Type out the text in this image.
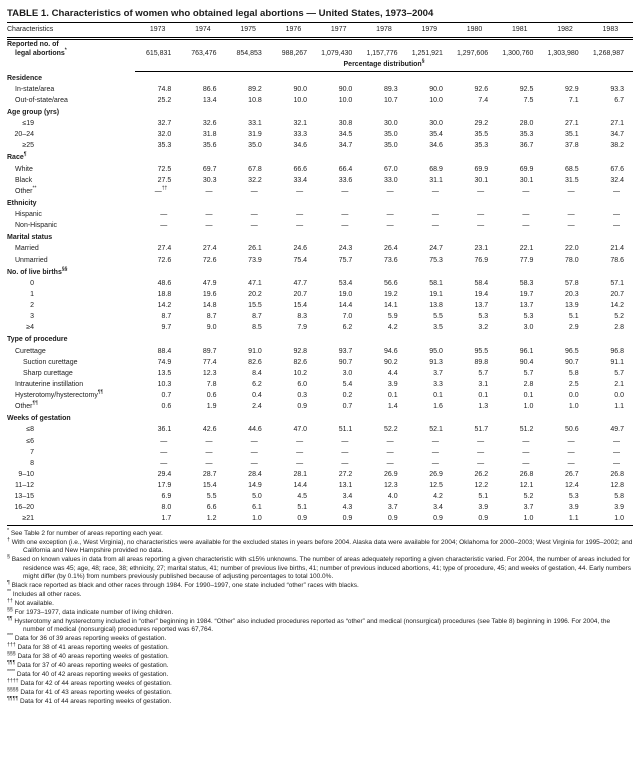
TABLE 1. Characteristics of women who obtained legal abortions — United States, 1973–2004
Characteristics	1973	1974	1975	1976	1977	1978	1979	1980	1981	1982	1983

Reported no. of
legal abortions*	615,831	763,476	854,853	988,267	1,079,430	1,157,776	1,251,921	1,297,606	1,300,760	1,303,980	1,268,987
	Percentage distribution§
Residence											
In-state/area	74.8	86.6	89.2	90.0	90.0	89.3	90.0	92.6	92.5	92.9	93.3
Out-of-state/area	25.2	13.4	10.8	10.0	10.0	10.7	10.0	7.4	7.5	7.1	6.7
Age group (yrs)											
≤19	32.7	32.6	33.1	32.1	30.8	30.0	30.0	29.2	28.0	27.1	27.1
20–24	32.0	31.8	31.9	33.3	34.5	35.0	35.4	35.5	35.3	35.1	34.7
≥25	35.3	35.6	35.0	34.6	34.7	35.0	34.6	35.3	36.7	37.8	38.2
Race¶
White	72.5	69.7	67.8	66.6	66.4	67.0	68.9	69.9	69.9	68.5	67.6
Black	27.5	30.3	32.2	33.4	33.6	33.0	31.1	30.1	30.1	31.5	32.4
Other**	—††	—	—	—	—	—	—	—	—	—	—
Ethnicity											
Hispanic	—	—	—	—	—	—	—	—	—	—	—
Non-Hispanic	—	—	—	—	—	—	—	—	—	—	—
Marital status											
Married	27.4	27.4	26.1	24.6	24.3	26.4	24.7	23.1	22.1	22.0	21.4
Unmarried	72.6	72.6	73.9	75.4	75.7	73.6	75.3	76.9	77.9	78.0	78.6
No. of live births§§
0	48.6	47.9	47.1	47.7	53.4	56.6	58.1	58.4	58.3	57.8	57.1
1	18.8	19.6	20.2	20.7	19.0	19.2	19.1	19.4	19.7	20.3	20.7
2	14.2	14.8	15.5	15.4	14.4	14.1	13.8	13.7	13.7	13.9	14.2
3	8.7	8.7	8.7	8.3	7.0	5.9	5.5	5.3	5.3	5.1	5.2
≥4	9.7	9.0	8.5	7.9	6.2	4.2	3.5	3.2	3.0	2.9	2.8
Type of procedure											
Curettage	88.4	89.7	91.0	92.8	93.7	94.6	95.0	95.5	96.1	96.5	96.8
Suction curettage	74.9	77.4	82.6	82.6	90.7	90.2	91.3	89.8	90.4	90.7	91.1
Sharp curettage	13.5	12.3	8.4	10.2	3.0	4.4	3.7	5.7	5.7	5.8	5.7
Intrauterine instillation	10.3	7.8	6.2	6.0	5.4	3.9	3.3	3.1	2.8	2.5	2.1
Hysterotomy/hysterectomy¶¶	0.7	0.6	0.4	0.3	0.2	0.1	0.1	0.1	0.1	0.0	0.0
Other¶¶	0.6	1.9	2.4	0.9	0.7	1.4	1.6	1.3	1.0	1.0	1.1
Weeks of gestation											
≤8	36.1	42.6	44.6	47.0	51.1	52.2	52.1	51.7	51.2	50.6	49.7
≤6	—	—	—	—	—	—	—	—	—	—	—
7	—	—	—	—	—	—	—	—	—	—	—
8	—	—	—	—	—	—	—	—	—	—	—
9–10	29.4	28.7	28.4	28.1	27.2	26.9	26.9	26.2	26.8	26.7	26.8
11–12	17.9	15.4	14.9	14.4	13.1	12.3	12.5	12.2	12.1	12.4	12.8
13–15	6.9	5.5	5.0	4.5	3.4	4.0	4.2	5.1	5.2	5.3	5.8
16–20	8.0	6.6	6.1	5.1	4.3	3.7	3.4	3.9	3.7	3.9	3.9
≥21	1.7	1.2	1.0	0.9	0.9	0.9	0.9	0.9	1.0	1.1	1.0
* See Table 2 for number of areas reporting each year.
† With one exception (i.e., West Virginia), no characteristics were available for the excluded states in years before 2004. Alaska data were available for 2004; Oklahoma for 2000–2003; West Virginia for 1995–2002; and California and New Hampshire provided no data.
§ Based on known values in data from all areas reporting a given characteristic with ≤15% unknowns. The number of areas adequately reporting a given characteristic varied. For 2004, the number of areas included for residence was 45; age, 48; race, 38; ethnicity, 27; marital status, 41; number of previous live births, 41; number of previous induced abortions, 41; type of procedure, 45; and weeks of gestation, 44. Early numbers might differ (by 0.1%) from numbers previously published because of adjusting percentages to total 100.0%.
¶ Black race reported as black and other races through 1984. For 1990–1997, one state included “other” races with blacks.
** Includes all other races.
†† Not available.
§§ For 1973–1977, data indicate number of living children.
¶¶ Hysterotomy and hysterectomy included in “other” beginning in 1984. “Other” also included procedures reported as “other” and medical (nonsurgical) procedures (see Table 8) beginning in 1996. For 2004, the number of medical (nonsurgical) procedures reported was 67,764.
*** Data for 36 of 39 areas reporting weeks of gestation.
††† Data for 38 of 41 areas reporting weeks of gestation.
§§§ Data for 38 of 40 areas reporting weeks of gestation.
¶¶¶ Data for 37 of 40 areas reporting weeks of gestation.
**** Data for 40 of 42 areas reporting weeks of gestation.
†††† Data for 42 of 44 areas reporting weeks of gestation.
§§§§ Data for 41 of 43 areas reporting weeks of gestation.
¶¶¶¶ Data for 41 of 44 areas reporting weeks of gestation.
